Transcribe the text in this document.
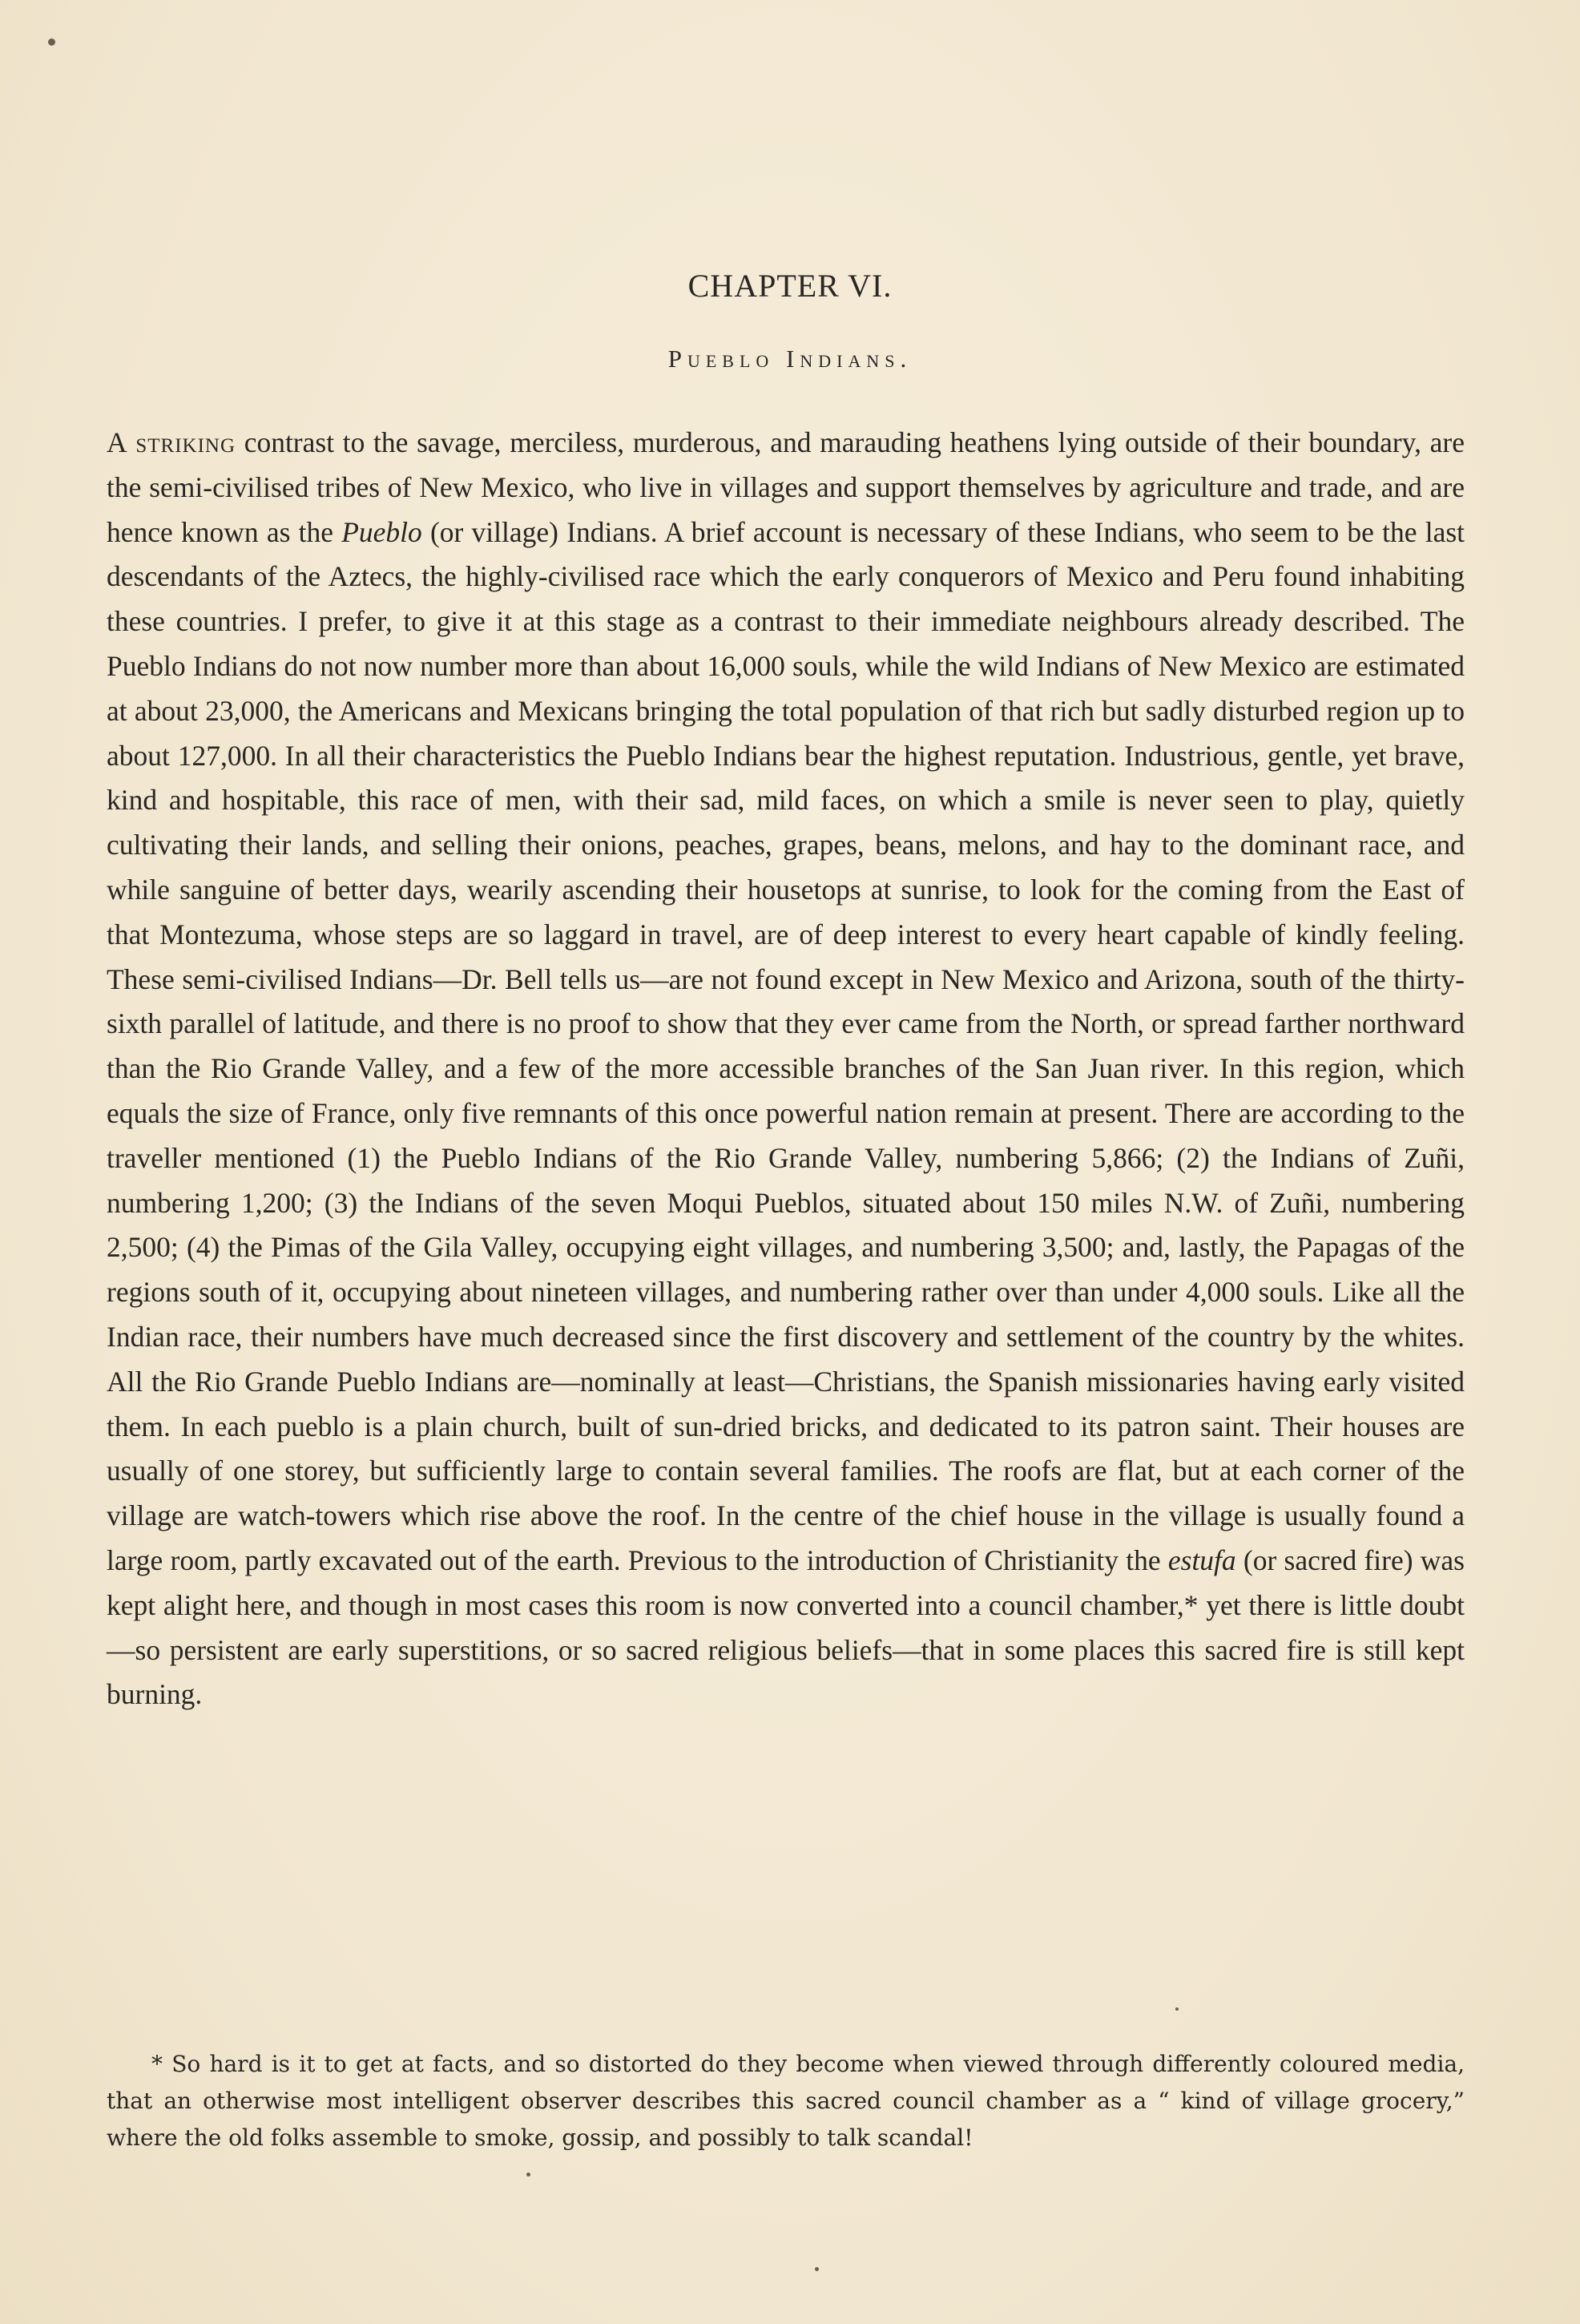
CHAPTER VI.
Pueblo Indians.

A striking contrast to the savage, merciless, murderous, and marauding heathens lying outside of their boundary, are the semi-civilised tribes of New Mexico, who live in villages and support themselves by agriculture and trade, and are hence known as the Pueblo (or village) Indians. A brief account is necessary of these Indians, who seem to be the last descendants of the Aztecs, the highly-civilised race which the early conquerors of Mexico and Peru found inhabiting these countries. I prefer, to give it at this stage as a contrast to their immediate neighbours already described. The Pueblo Indians do not now number more than about 16,000 souls, while the wild Indians of New Mexico are estimated at about 23,000, the Americans and Mexicans bringing the total population of that rich but sadly disturbed region up to about 127,000. In all their characteristics the Pueblo Indians bear the highest reputation. Industrious, gentle, yet brave, kind and hospitable, this race of men, with their sad, mild faces, on which a smile is never seen to play, quietly cultivating their lands, and selling their onions, peaches, grapes, beans, melons, and hay to the dominant race, and while sanguine of better days, wearily ascending their housetops at sunrise, to look for the coming from the East of that Montezuma, whose steps are so laggard in travel, are of deep interest to every heart capable of kindly feeling. These semi-civilised Indians—Dr. Bell tells us—are not found except in New Mexico and Arizona, south of the thirty-sixth parallel of latitude, and there is no proof to show that they ever came from the North, or spread farther northward than the Rio Grande Valley, and a few of the more accessible branches of the San Juan river. In this region, which equals the size of France, only five remnants of this once powerful nation remain at present. There are according to the traveller mentioned (1) the Pueblo Indians of the Rio Grande Valley, numbering 5,866; (2) the Indians of Zuñi, numbering 1,200; (3) the Indians of the seven Moqui Pueblos, situated about 150 miles N.W. of Zuñi, numbering 2,500; (4) the Pimas of the Gila Valley, occupying eight villages, and numbering 3,500; and, lastly, the Papagas of the regions south of it, occupying about nineteen villages, and numbering rather over than under 4,000 souls. Like all the Indian race, their numbers have much decreased since the first discovery and settlement of the country by the whites. All the Rio Grande Pueblo Indians are—nominally at least—Christians, the Spanish missionaries having early visited them. In each pueblo is a plain church, built of sun-dried bricks, and dedicated to its patron saint. Their houses are usually of one storey, but sufficiently large to contain several families. The roofs are flat, but at each corner of the village are watch-towers which rise above the roof. In the centre of the chief house in the village is usually found a large room, partly excavated out of the earth. Previous to the introduction of Christianity the estufa (or sacred fire) was kept alight here, and though in most cases this room is now converted into a council chamber,* yet there is little doubt—so persistent are early superstitions, or so sacred religious beliefs—that in some places this sacred fire is still kept burning.

* So hard is it to get at facts, and so distorted do they become when viewed through differently coloured media, that an otherwise most intelligent observer describes this sacred council chamber as a “ kind of village grocery,” where the old folks assemble to smoke, gossip, and possibly to talk scandal!
